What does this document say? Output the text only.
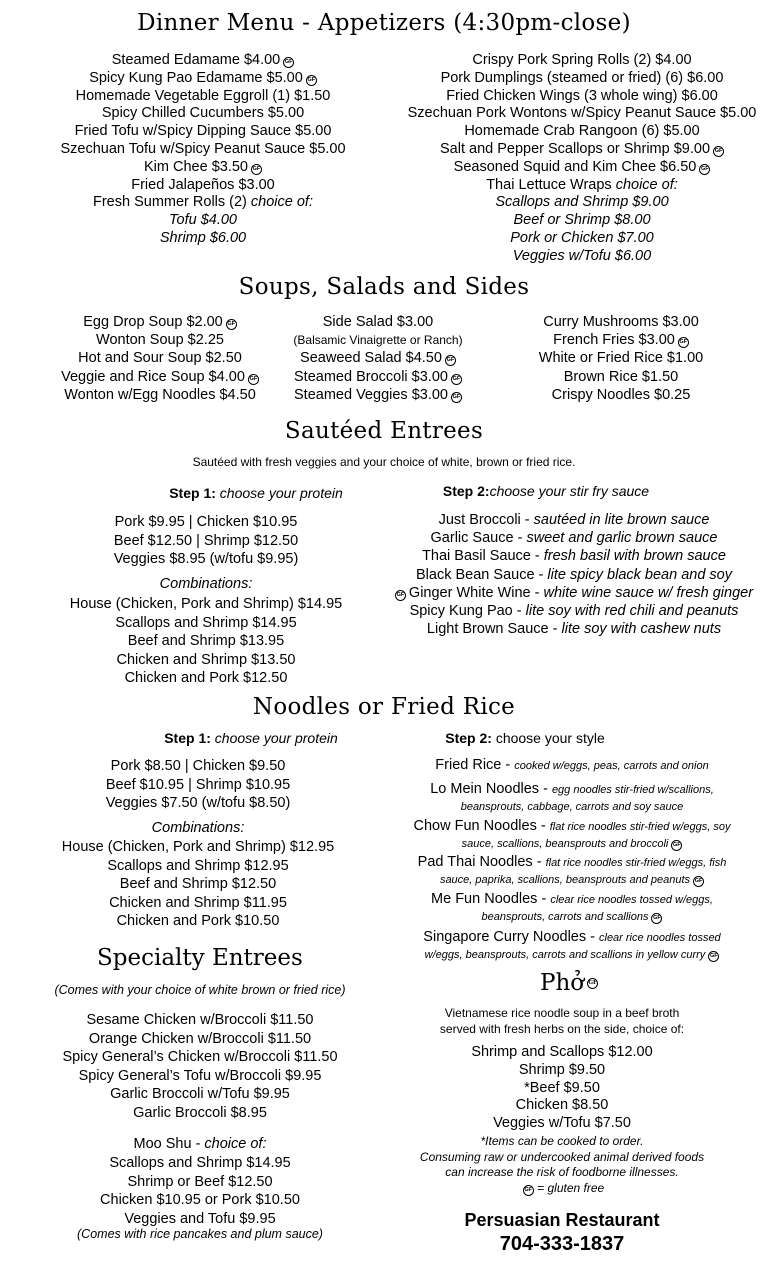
Dinner Menu - Appetizers (4:30pm-close)
Soups, Salads and Sides
Sautéed Entrees
Noodles or Fried Rice
Specialty Entrees
Phở GF
Steamed Edamame $4.00 GF
Spicy Kung Pao Edamame $5.00 GF
Homemade Vegetable Eggroll (1) $1.50
Spicy Chilled Cucumbers $5.00
Fried Tofu w/Spicy Dipping Sauce $5.00
Szechuan Tofu w/Spicy Peanut Sauce $5.00
Kim Chee $3.50 GF
Fried Jalapeños $3.00
Fresh Summer Rolls (2) choice of:
Tofu $4.00
Shrimp $6.00
Crispy Pork Spring Rolls (2) $4.00
Pork Dumplings (steamed or fried) (6) $6.00
Fried Chicken Wings (3 whole wing) $6.00
Szechuan Pork Wontons w/Spicy Peanut Sauce $5.00
Homemade Crab Rangoon (6) $5.00
Salt and Pepper Scallops or Shrimp $9.00 GF
Seasoned Squid and Kim Chee $6.50 GF
Thai Lettuce Wraps choice of:
Scallops and Shrimp $9.00
Beef or Shrimp $8.00
Pork or Chicken $7.00
Veggies w/Tofu $6.00
Egg Drop Soup $2.00 GF
Wonton Soup $2.25
Hot and Sour Soup $2.50
Veggie and Rice Soup $4.00 GF
Wonton w/Egg Noodles $4.50
Side Salad $3.00
(Balsamic Vinaigrette or Ranch)
Seaweed Salad $4.50 GF
Steamed Broccoli $3.00 GF
Steamed Veggies $3.00 GF
Curry Mushrooms $3.00
French Fries $3.00 GF
White or Fried Rice $1.00
Brown Rice $1.50
Crispy Noodles $0.25
Sautéed with fresh veggies and your choice of white, brown or fried rice.
Step 1: choose your protein
Pork $9.95 | Chicken $10.95
Beef $12.50 | Shrimp $12.50
Veggies $8.95 (w/tofu $9.95)
Combinations:
House (Chicken, Pork and Shrimp) $14.95
Scallops and Shrimp $14.95
Beef and Shrimp $13.95
Chicken and Shrimp $13.50
Chicken and Pork $12.50
Step 2:choose your stir fry sauce
Just Broccoli - sautéed in lite brown sauce
Garlic Sauce - sweet and garlic brown sauce
Thai Basil Sauce - fresh basil with brown sauce
Black Bean Sauce - lite spicy black bean and soy
GF Ginger White Wine - white wine sauce w/ fresh ginger
Spicy Kung Pao - lite soy with red chili and peanuts
Light Brown Sauce - lite soy with cashew nuts
Step 1: choose your protein
Pork $8.50 | Chicken $9.50
Beef $10.95 | Shrimp $10.95
Veggies $7.50 (w/tofu $8.50)
Combinations:
House (Chicken, Pork and Shrimp) $12.95
Scallops and Shrimp $12.95
Beef and Shrimp $12.50
Chicken and Shrimp $11.95
Chicken and Pork $10.50
Step 2: choose your style
Fried Rice - cooked w/eggs, peas, carrots and onion
Lo Mein Noodles - egg noodles stir-fried w/scallions,
beansprouts, cabbage, carrots and soy sauce
Chow Fun Noodles - flat rice noodles stir-fried w/eggs, soy
sauce, scallions, beansprouts and broccoli GF
Pad Thai Noodles - flat rice noodles stir-fried w/eggs, fish
sauce, paprika, scallions, beansprouts and peanuts GF
Me Fun Noodles - clear rice noodles tossed w/eggs,
beansprouts, carrots and scallions GF
Singapore Curry Noodles - clear rice noodles tossed
w/eggs, beansprouts, carrots and scallions in yellow curry GF
(Comes with your choice of white brown or fried rice)
Sesame Chicken w/Broccoli $11.50
Orange Chicken w/Broccoli $11.50
Spicy General’s Chicken w/Broccoli $11.50
Spicy General’s Tofu w/Broccoli $9.95
Garlic Broccoli w/Tofu $9.95
Garlic Broccoli $8.95
Moo Shu - choice of:
Scallops and Shrimp $14.95
Shrimp or Beef $12.50
Chicken $10.95 or Pork $10.50
Veggies and Tofu $9.95
(Comes with rice pancakes and plum sauce)
Vietnamese rice noodle soup in a beef broth
served with fresh herbs on the side, choice of:
Shrimp and Scallops $12.00
Shrimp $9.50
*Beef $9.50
Chicken $8.50
Veggies w/Tofu $7.50
*Items can be cooked to order.
Consuming raw or undercooked animal derived foods
can increase the risk of foodborne illnesses.
GF = gluten free
Persuasian Restaurant
704-333-1837
